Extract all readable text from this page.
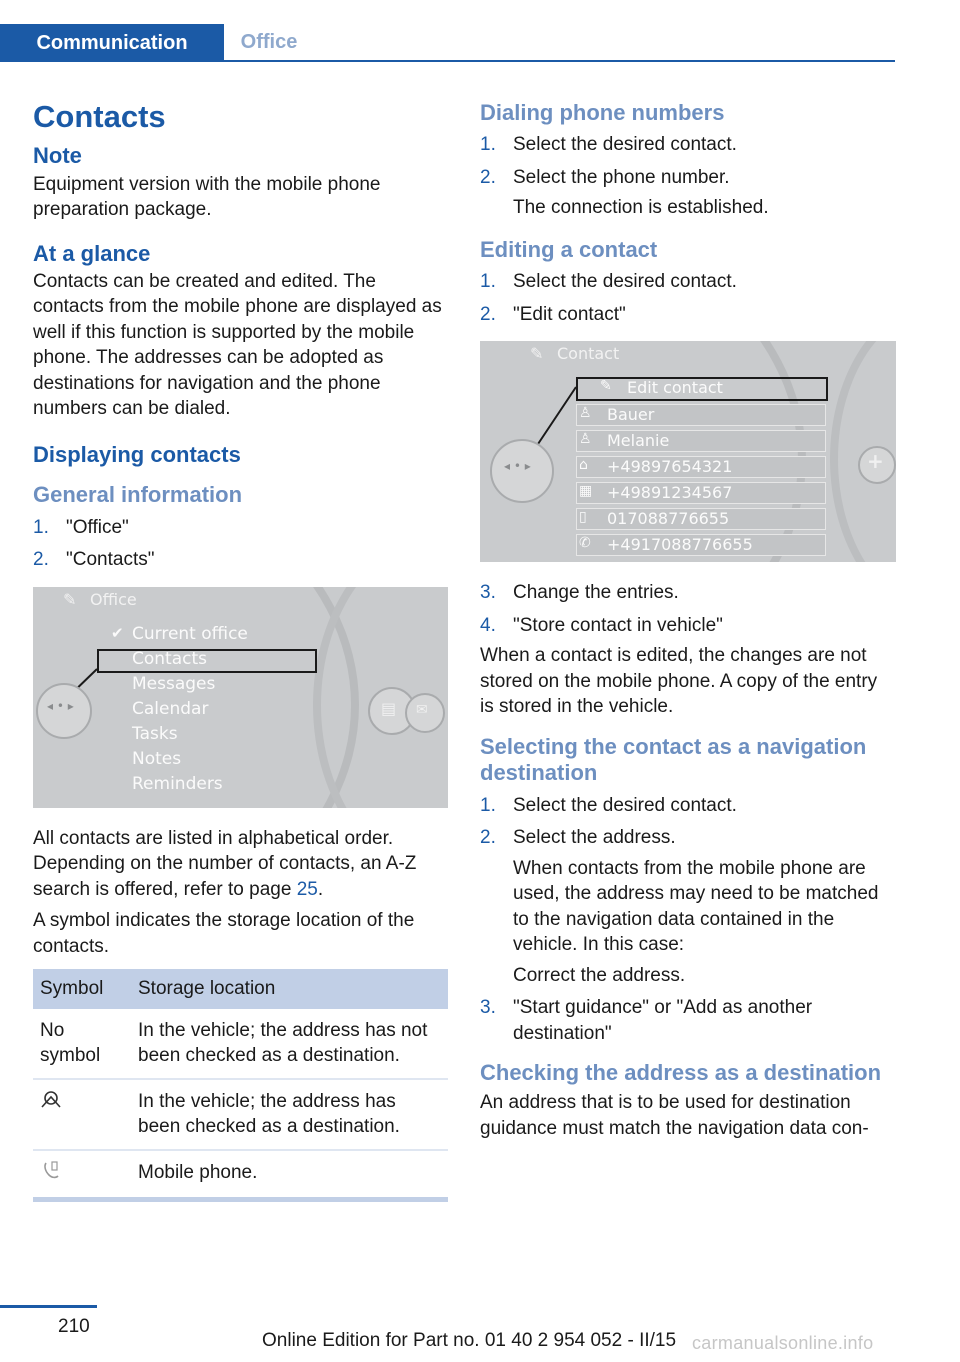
Communication	Office
Contacts
Note

Equipment version with the mobile phone preparation package.

At a glance

Contacts can be created and edited. The contacts from the mobile phone are displayed as well if this function is supported by the mobile phone. The addresses can be adopted as destinations for navigation and the phone numbers can be dialed.

Displaying contacts
General information
1. "Office"
2. "Contacts"
✎ Office
✔ Current office
Contacts
Messages
Calendar
Tasks
Notes
Reminders
◂ • ▸	▤ ✉

All contacts are listed in alphabetical order. Depending on the number of contacts, an A-Z search is offered, refer to page 25.

A symbol indicates the storage location of the contacts.

Symbol	Storage location
No symbol	In the vehicle; the address has not been checked as a destination.
	In the vehicle; the address has been checked as a destination.
	Mobile phone.
Dialing phone numbers
1. Select the desired contact.
2. Select the phone number.
The connection is established.
Editing a contact
1. Select the desired contact.
2. "Edit contact"
✎ Contact
✎ Edit contact
♙ Bauer
♙ Melanie
⌂	+49897654321
▦ +49891234567
▯	017088776655
✆	+4917088776655
◂ • ▸	+
3. Change the entries.
4. "Store contact in vehicle"

When a contact is edited, the changes are not stored on the mobile phone. A copy of the entry is stored in the vehicle.

Selecting the contact as a navigation destination
1. Select the desired contact.
2. Select the address.
When contacts from the mobile phone are used, the address may need to be matched to the navigation data contained in the vehicle. In this case:
Correct the address.
3. "Start guidance" or "Add as another destination"
Checking the address as a destination

An address that is to be used for destination guidance must match the navigation data con-

210
Online Edition for Part no. 01 40 2 954 052 - II/15 carmanualsonline.info
